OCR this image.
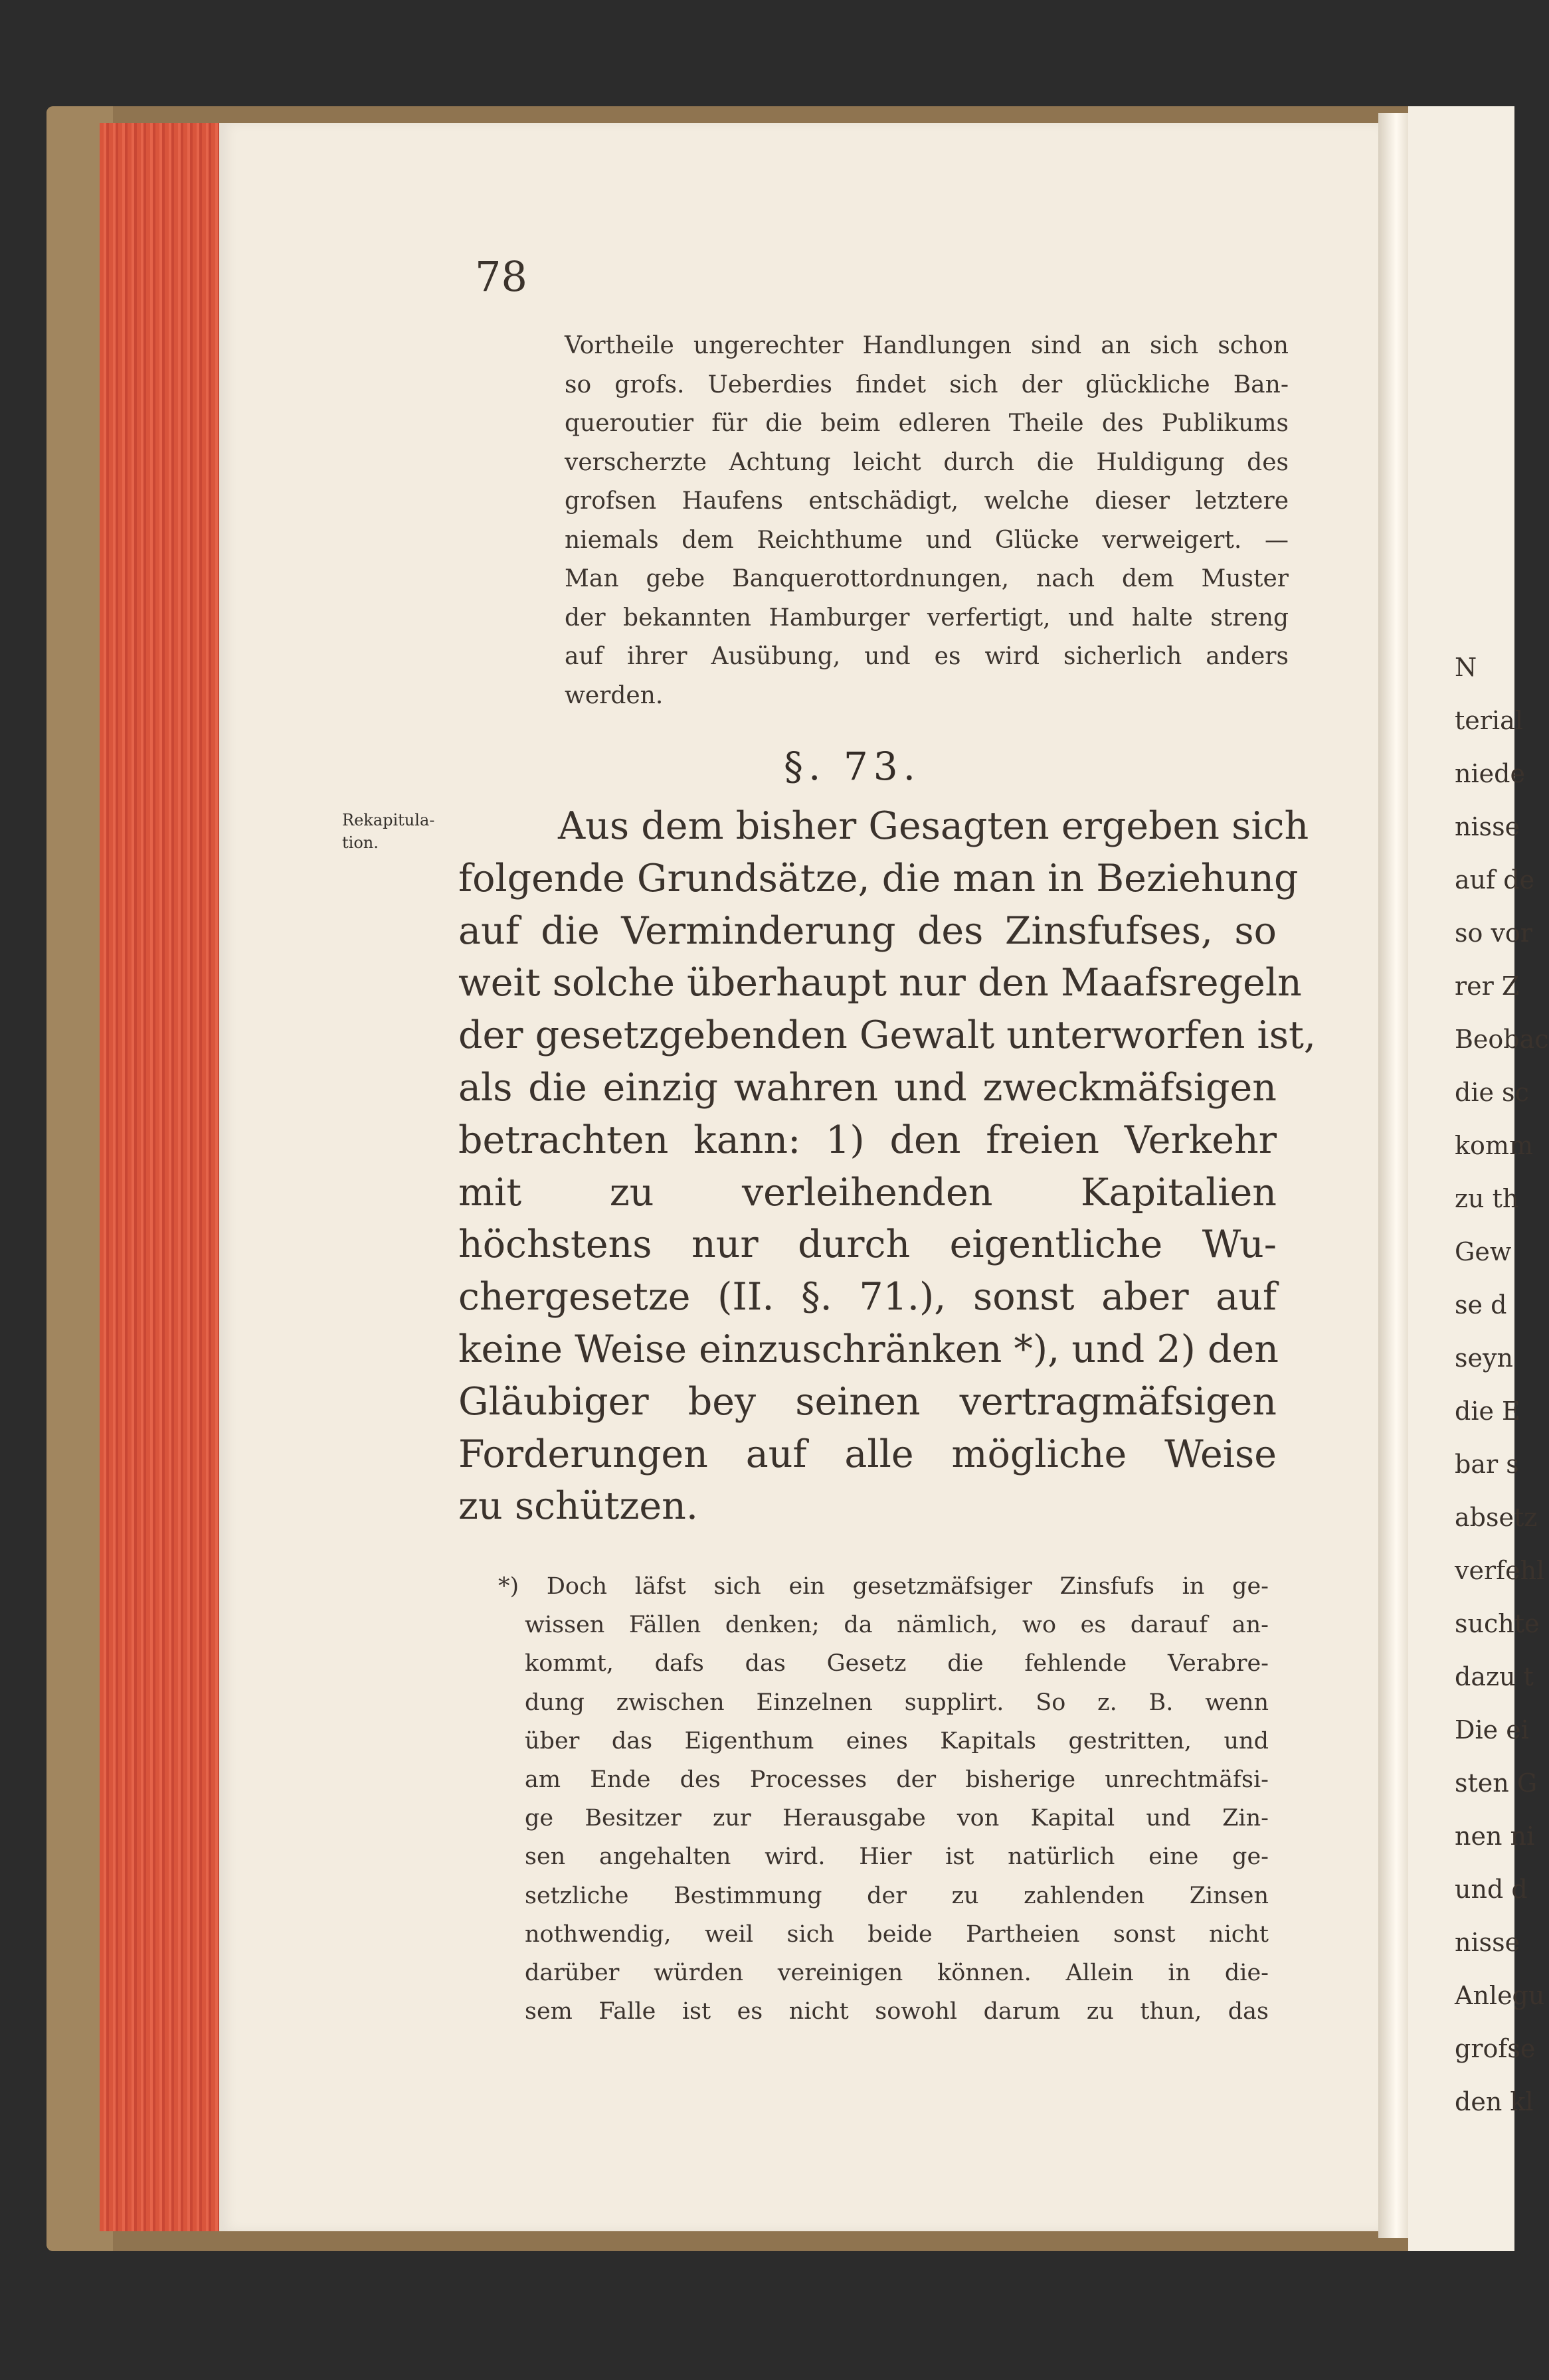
N
terial
niede
nisse
auf de
so vor
rer Z
Beobac
die sc
komm
zu th
Gew
se d
seyn
die E
bar s
absetz
verfehl
suchte
dazu t
Die ei
sten G
nen ni
und d
nisse
Anlegu
grofse
den kl
78
Vortheile ungerechter Handlungen sind an sich schon
so grofs. Ueberdies findet sich der glückliche Ban-
queroutier für die beim edleren Theile des Publikums
verscherzte Achtung leicht durch die Huldigung des
grofsen Haufens entschädigt, welche dieser letztere
niemals dem Reichthume und Glücke verweigert. —
Man gebe Banquerottordnungen, nach dem Muster
der bekannten Hamburger verfertigt, und halte streng
auf ihrer Ausübung, und es wird sicherlich anders
werden.
§. 73.
Rekapitula-
tion.	Aus dem bisher Gesagten ergeben sich
folgende Grundsätze, die man in Beziehung
auf die Verminderung des Zinsfufses, so
weit solche überhaupt nur den Maafsregeln
der gesetzgebenden Gewalt unterworfen ist,
als die einzig wahren und zweckmäfsigen
betrachten kann: 1) den freien Verkehr
mit zu verleihenden Kapitalien
höchstens nur durch eigentliche Wu-
chergesetze (II. §. 71.), sonst aber auf
keine Weise einzuschränken *), und 2) den
Gläubiger bey seinen vertragmäfsigen
Forderungen auf alle mögliche Weise
zu schützen.
*) Doch läfst sich ein gesetzmäfsiger Zinsfufs in ge-
wissen Fällen denken; da nämlich, wo es darauf an-
kommt, dafs das Gesetz die fehlende Verabre-
dung zwischen Einzelnen supplirt. So z. B. wenn
über das Eigenthum eines Kapitals gestritten, und
am Ende des Processes der bisherige unrechtmäfsi-
ge Besitzer zur Herausgabe von Kapital und Zin-
sen angehalten wird. Hier ist natürlich eine ge-
setzliche Bestimmung der zu zahlenden Zinsen
nothwendig, weil sich beide Partheien sonst nicht
darüber würden vereinigen können. Allein in die-
sem Falle ist es nicht sowohl darum zu thun, das
